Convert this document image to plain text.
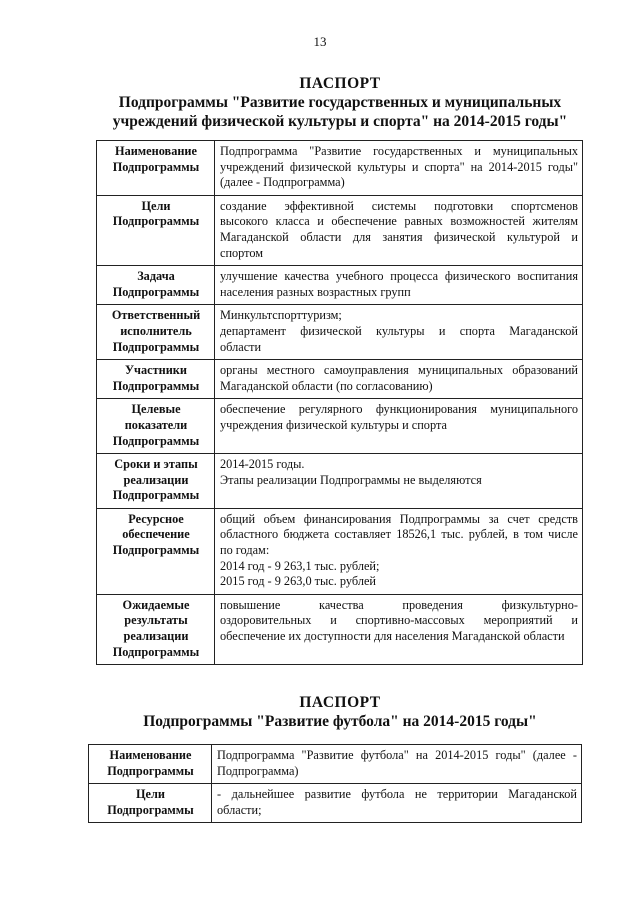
13
ПАСПОРТ
Подпрограммы "Развитие государственных и муниципальных
учреждений физической культуры и спорта" на 2014-2015 годы"
Наименование
Подпрограммы	Подпрограмма "Развитие государственных и муниципальных
учреждений физической культуры и спорта" на 2014-2015 годы"
(далее - Подпрограмма)

Цели
Подпрограммы	создание эффективной системы подготовки спортсменов
высокого класса и обеспечение равных возможностей жителям
Магаданской области для занятия физической культурой и
спортом

Задача
Подпрограммы	улучшение качества учебного процесса физического воспитания
населения разных возрастных групп

Ответственный
исполнитель
Подпрограммы	Минкультспорттуризм;
департамент физической культуры и спорта Магаданской
области

Участники
Подпрограммы	органы местного самоуправления муниципальных образований
Магаданской области (по согласованию)

Целевые
показатели
Подпрограммы	обеспечение регулярного функционирования муниципального
учреждения физической культуры и спорта

Сроки и этапы
реализации
Подпрограммы	2014-2015 годы.
Этапы реализации Подпрограммы не выделяются

Ресурсное
обеспечение
Подпрограммы	общий объем финансирования Подпрограммы за счет средств
областного бюджета составляет 18526,1 тыс. рублей, в том числе
по годам:
2014 год - 9 263,1 тыс. рублей;
2015 год - 9 263,0 тыс. рублей

Ожидаемые
результаты
реализации
Подпрограммы	повышение качества проведения физкультурно-
оздоровительных и спортивно-массовых мероприятий и
обеспечение их доступности для населения Магаданской области
ПАСПОРТ
Подпрограммы "Развитие футбола" на 2014-2015 годы"
Наименование
Подпрограммы	Подпрограмма "Развитие футбола" на 2014-2015 годы" (далее -
Подпрограмма)

Цели
Подпрограммы	- дальнейшее развитие футбола не территории Магаданской
области;
